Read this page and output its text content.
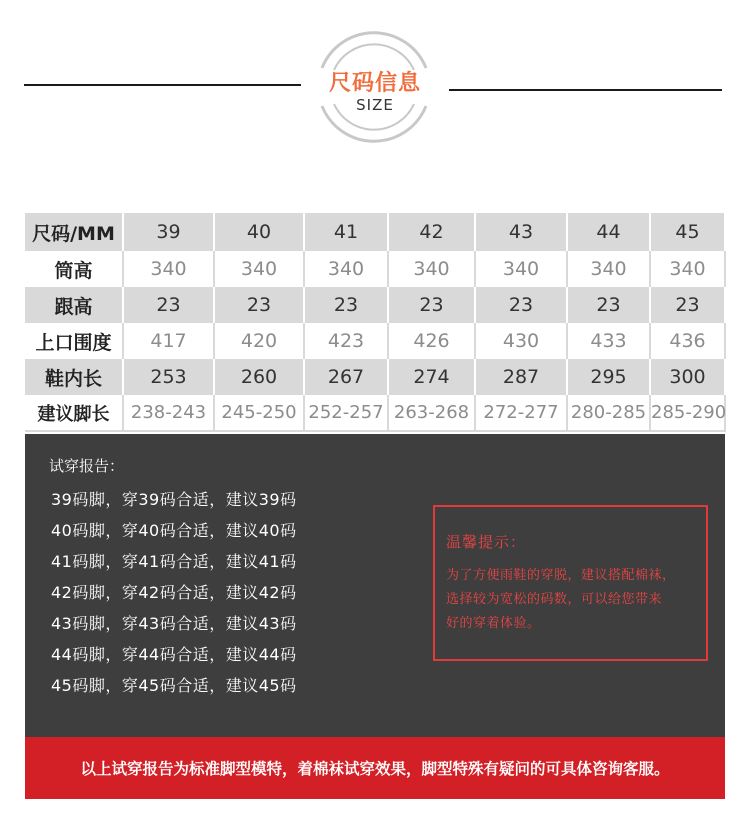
尺码信息
SIZE
尺码/MM	39	40	41	42	43	44	45
筒高	340	340	340	340	340	340	340
跟高	23	23	23	23	23	23	23
上口围度	417	420	423	426	430	433	436
鞋内长	253	260	267	274	287	295	300
建议脚长	238-243	245-250	252-257	263-268	272-277	280-285	285-290
试穿报告：
39码脚，穿39码合适，建议39码
40码脚，穿40码合适，建议40码
41码脚，穿41码合适，建议41码
42码脚，穿42码合适，建议42码
43码脚，穿43码合适，建议43码
44码脚，穿44码合适，建议44码
45码脚，穿45码合适，建议45码
温馨提示：
为了方便雨鞋的穿脱，建议搭配棉袜，
选择较为宽松的码数，可以给您带来
好的穿着体验。
以上试穿报告为标准脚型模特，着棉袜试穿效果，脚型特殊有疑问的可具体咨询客服。
